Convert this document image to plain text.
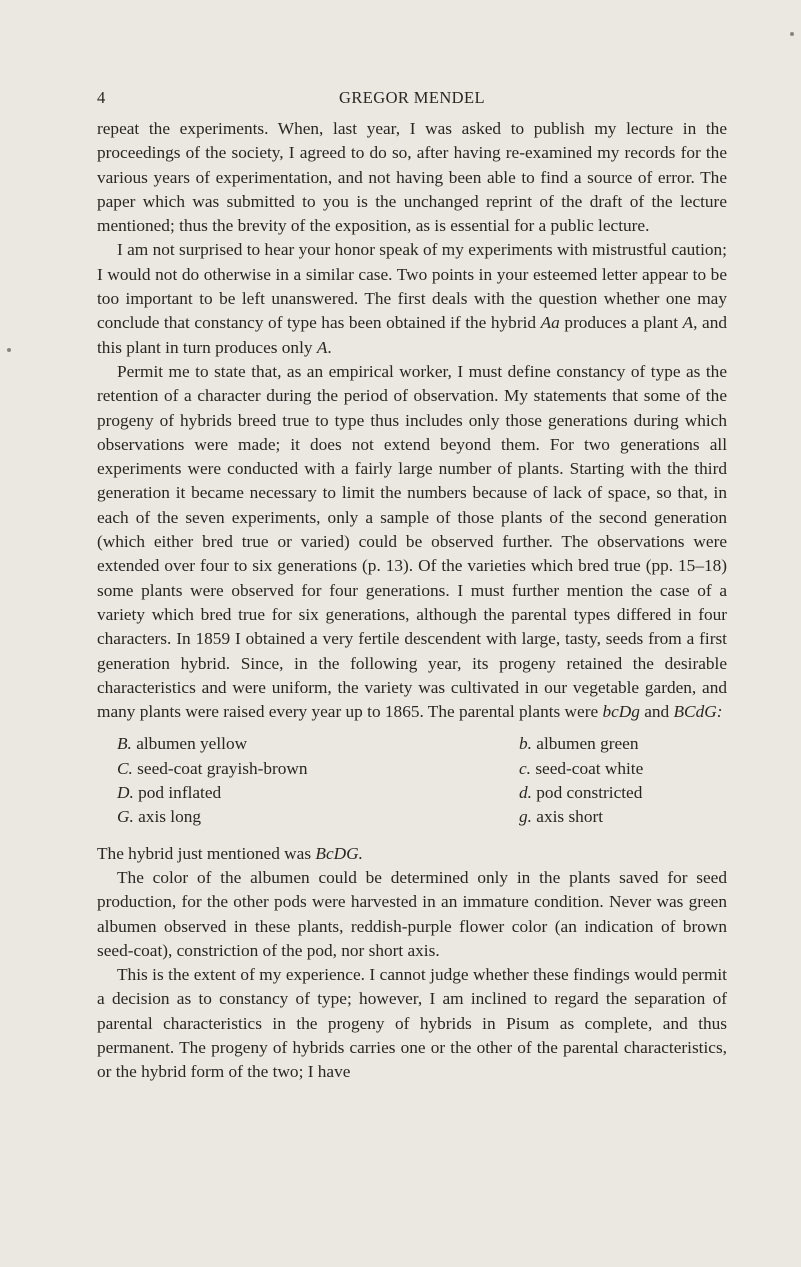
4	GREGOR MENDEL

repeat the experiments. When, last year, I was asked to publish my lecture in the proceedings of the society, I agreed to do so, after having re-examined my records for the various years of experimentation, and not having been able to find a source of error. The paper which was submitted to you is the unchanged reprint of the draft of the lecture mentioned; thus the brevity of the exposition, as is essential for a public lecture.

I am not surprised to hear your honor speak of my experiments with mistrustful caution; I would not do otherwise in a similar case. Two points in your esteemed letter appear to be too important to be left unanswered. The first deals with the question whether one may conclude that constancy of type has been obtained if the hybrid Aa produces a plant A, and this plant in turn produces only A.

Permit me to state that, as an empirical worker, I must define constancy of type as the retention of a character during the period of observation. My statements that some of the progeny of hybrids breed true to type thus includes only those generations during which observations were made; it does not extend beyond them. For two generations all experiments were conducted with a fairly large number of plants. Starting with the third generation it became necessary to limit the numbers because of lack of space, so that, in each of the seven experiments, only a sample of those plants of the second generation (which either bred true or varied) could be observed further. The observations were extended over four to six generations (p. 13). Of the varieties which bred true (pp. 15–18) some plants were observed for four generations. I must further mention the case of a variety which bred true for six generations, although the parental types differed in four characters. In 1859 I obtained a very fertile descendent with large, tasty, seeds from a first generation hybrid. Since, in the following year, its progeny retained the desirable characteristics and were uniform, the variety was cultivated in our vegetable garden, and many plants were raised every year up to 1865. The parental plants were bcDg and BCdG:

B. albumen yellow	b. albumen green
C. seed-coat grayish-brown	c. seed-coat white
D. pod inflated	d. pod constricted
G. axis long	g. axis short

The hybrid just mentioned was BcDG.

The color of the albumen could be determined only in the plants saved for seed production, for the other pods were harvested in an immature condition. Never was green albumen observed in these plants, reddish-purple flower color (an indication of brown seed-coat), constriction of the pod, nor short axis.

This is the extent of my experience. I cannot judge whether these findings would permit a decision as to constancy of type; however, I am inclined to regard the separation of parental characteristics in the progeny of hybrids in Pisum as complete, and thus permanent. The progeny of hybrids carries one or the other of the parental characteristics, or the hybrid form of the two; I have
